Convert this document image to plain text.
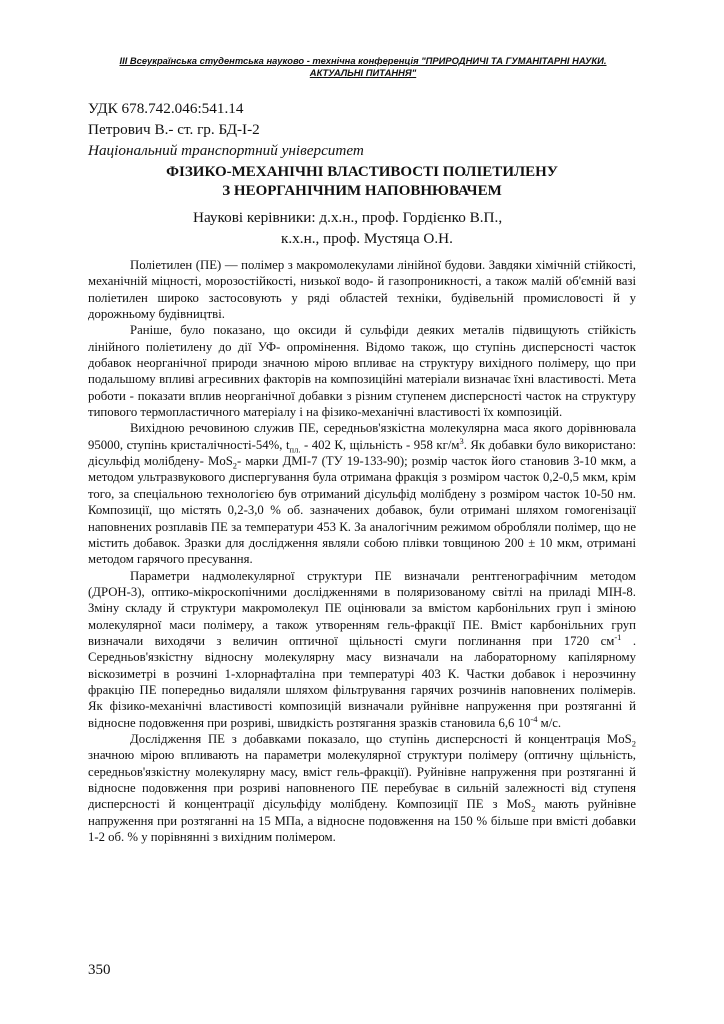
ІІІ Всеукраїнська студентська науково - технічна конференція "ПРИРОДНИЧІ ТА ГУМАНІТАРНІ НАУКИ.
АКТУАЛЬНІ ПИТАННЯ"
УДК 678.742.046:541.14
Петрович В.- ст. гр. БД-І-2
Національний транспортний університет
ФІЗИКО-МЕХАНІЧНІ ВЛАСТИВОСТІ ПОЛІЕТИЛЕНУ
З НЕОРГАНІЧНИМ НАПОВНЮВАЧЕМ
Наукові керівники: д.х.н., проф. Гордієнко В.П.,
к.х.н., проф. Мустяца О.Н.

Поліетилен (ПЕ) — полімер з макромолекулами лінійної будови. Завдяки хімічній стійкості, механічній міцності, морозостійкості, низької водо- й газопроникності, а також малій об'ємній вазі поліетилен широко застосовують у ряді областей техніки, будівельній промисловості й у дорожньому будівництві.

Раніше, було показано, що оксиди й сульфіди деяких металів підвищують стійкість лінійного поліетилену до дії УФ- опромінення. Відомо також, що ступінь дисперсності часток добавок неорганічної природи значною мірою впливає на структуру вихідного полімеру, що при подальшому впливі агресивних факторів на композиційні матеріали визначає їхні властивості. Мета роботи - показати вплив неорганічної добавки з різним ступенем дисперсності часток на структуру типового термопластичного матеріалу і на фізико-механічні властивості їх композицій.

Вихідною речовиною служив ПЕ, середньов'язкістна молекулярна маса якого дорівнювала 95000, ступінь кристалічності-54%, $t_{пл.} - 402$ К, щільність - 958 $кг/м^3$. Як добавки було використано: дісульфід молібдену- MoS$_2$- марки ДМІ-7 (ТУ 19-133-90); розмір часток його становив 3-10 мкм, а методом ультразвукового диспергування була отримана фракція з розміром часток 0,2-0,5 мкм, крім того, за спеціальною технологією був отриманий дісульфід молібдену з розміром часток 10-50 нм. Композиції, що містять 0,2-3,0 % об. зазначених добавок, були отримані шляхом гомогенізації наповнених розплавів ПЕ за температури 453 К. За аналогічним режимом обробляли полімер, що не містить добавок. Зразки для дослідження являли собою плівки товщиною 200 ± 10 мкм, отримані методом гарячого пресування.

Параметри надмолекулярної структури ПЕ визначали рентгенографічним методом (ДРОН-3), оптико-мікроскопічними дослідженнями в поляризованому світлі на приладі МІН-8. Зміну складу й структури макромолекул ПЕ оцінювали за вмістом карбонільних груп і зміною молекулярної маси полімеру, а також утворенням гель-фракції ПЕ. Вміст карбонільних груп визначали виходячи з величин оптичної щільності смуги поглинання при 1720 $см^{-1}$ . Середньов'язкістну відносну молекулярну масу визначали на лабораторному капілярному віскозиметрі в розчині 1-хлорнафталіна при температурі 403 К. Частки добавок і нерозчинну фракцію ПЕ попередньо видаляли шляхом фільтрування гарячих розчинів наповнених полімерів. Як фізико-механічні властивості композицій визначали руйнівне напруження при розтяганні й відносне подовження при розриві, швидкість розтягання зразків становила 6,6 $10^{-4}$ м/с.

Дослідження ПЕ з добавками показало, що ступінь дисперсності й концентрація MoS$_2$ значною мірою впливають на параметри молекулярної структури полімеру (оптичну щільність, середньов'язкістну молекулярну масу, вміст гель-фракції). Руйнівне напруження при розтяганні й відносне подовження при розриві наповненого ПЕ перебуває в сильній залежності від ступеня дисперсності й концентрації дісульфіду молібдену. Композиції ПЕ з MoS$_2$ мають руйнівне напруження при розтяганні на 15 МПа, а відносне подовження на 150 % більше при вмісті добавки 1-2 об. % у порівнянні з вихідним полімером.

350
